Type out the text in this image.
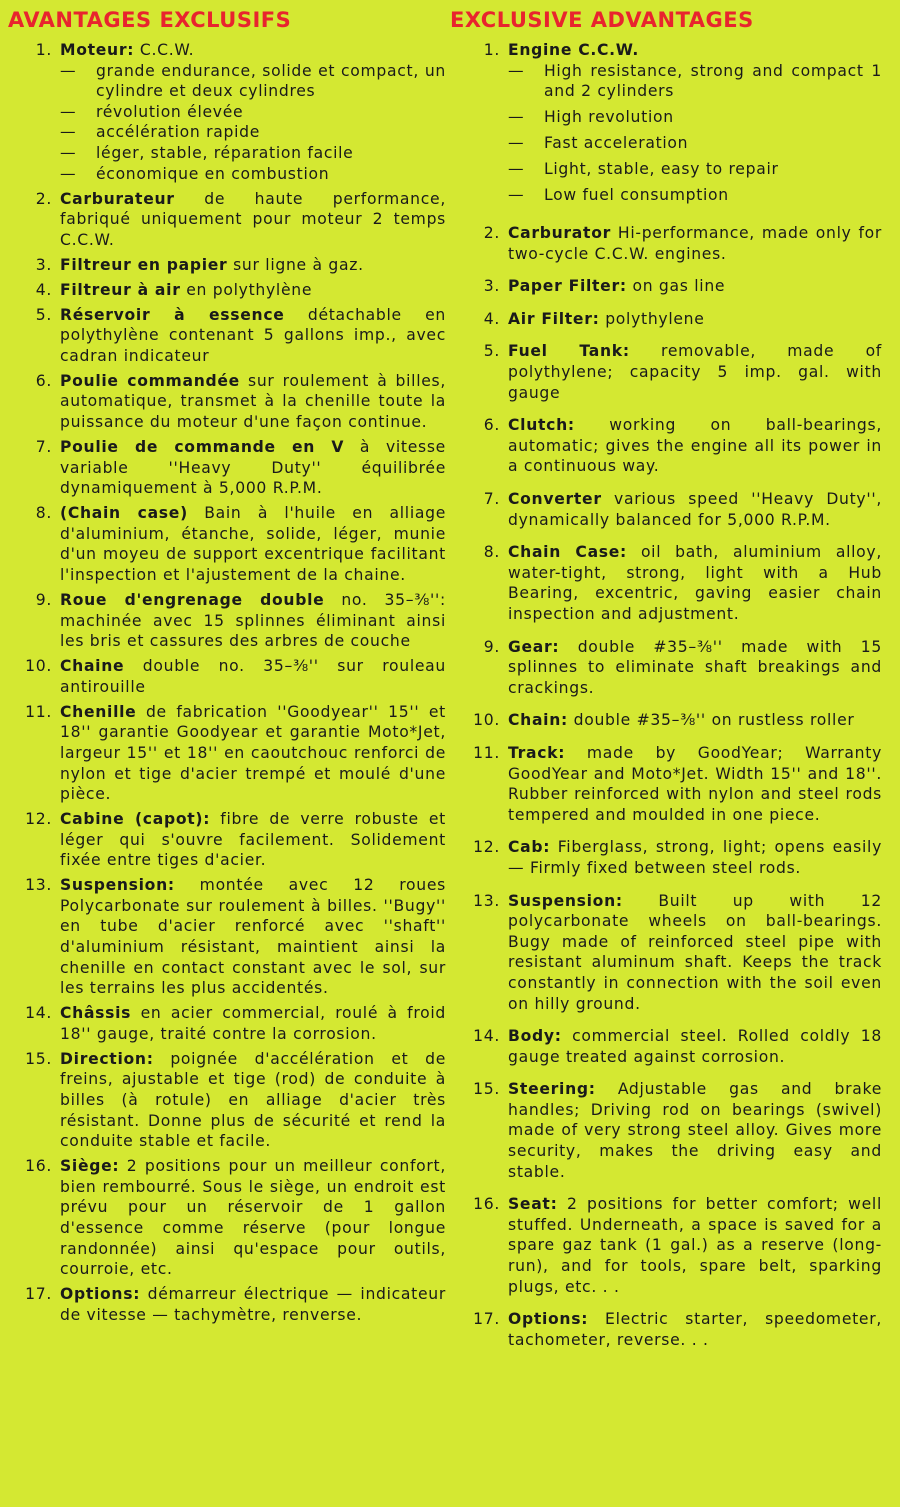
AVANTAGES EXCLUSIFS
1. Moteur: C.C.W.
—	grande endurance, solide et compact, un cylindre et deux cylindres
—	révolution élevée
—	accélération rapide
—	léger, stable, réparation facile
—	économique en combustion
2. Carburateur de haute performance, fabriqué uniquement pour moteur 2 temps C.C.W.
3. Filtreur en papier sur ligne à gaz.
4. Filtreur à air en polythylène
5. Réservoir à essence détachable en polythylène contenant 5 gallons imp., avec cadran indicateur
6. Poulie commandée sur roulement à billes, automatique, transmet à la chenille toute la puissance du moteur d'une façon continue.
7. Poulie de commande en V à vitesse variable ''Heavy Duty'' équilibrée dynamiquement à 5,000 R.P.M.
8. (Chain case) Bain à l'huile en alliage d'aluminium, étanche, solide, léger, munie d'un moyeu de support excentrique facilitant l'inspection et l'ajustement de la chaine.
9. Roue d'engrenage double no. 35–⅜'': machinée avec 15 splinnes éliminant ainsi les bris et cassures des arbres de couche
10. Chaine double no. 35–⅜'' sur rouleau antirouille
11. Chenille de fabrication ''Goodyear'' 15'' et 18'' garantie Goodyear et garantie Moto*Jet, largeur 15'' et 18'' en caoutchouc renforci de nylon et tige d'acier trempé et moulé d'une pièce.
12. Cabine (capot): fibre de verre robuste et léger qui s'ouvre facilement. Solidement fixée entre tiges d'acier.
13. Suspension: montée avec 12 roues Polycarbonate sur roulement à billes. ''Bugy'' en tube d'acier renforcé avec ''shaft'' d'aluminium résistant, maintient ainsi la chenille en contact constant avec le sol, sur les terrains les plus accidentés.
14. Châssis en acier commercial, roulé à froid 18'' gauge, traité contre la corrosion.
15. Direction: poignée d'accélération et de freins, ajustable et tige (rod) de conduite à billes (à rotule) en alliage d'acier très résistant. Donne plus de sécurité et rend la conduite stable et facile.
16. Siège: 2 positions pour un meilleur confort, bien rembourré. Sous le siège, un endroit est prévu pour un réservoir de 1 gallon d'essence comme réserve (pour longue randonnée) ainsi qu'espace pour outils, courroie, etc.
17. Options: démarreur électrique — indicateur de vitesse — tachymètre, renverse.
EXCLUSIVE ADVANTAGES
1. Engine C.C.W.
—	High resistance, strong and compact 1 and 2 cylinders
—	High revolution
—	Fast acceleration
—	Light, stable, easy to repair
—	Low fuel consumption
2. Carburator Hi-performance, made only for two-cycle C.C.W. engines.
3. Paper Filter: on gas line
4. Air Filter: polythylene
5. Fuel Tank: removable, made of polythylene; capacity 5 imp. gal. with gauge
6. Clutch: working on ball-bearings, automatic; gives the engine all its power in a continuous way.
7. Converter various speed ''Heavy Duty'', dynamically balanced for 5,000 R.P.M.
8. Chain Case: oil bath, aluminium alloy, water-tight, strong, light with a Hub Bearing, excentric, gaving easier chain inspection and adjustment.
9. Gear: double #35–⅜'' made with 15 splinnes to eliminate shaft breakings and crackings.
10. Chain: double #35–⅜'' on rustless roller
11. Track: made by GoodYear; Warranty GoodYear and Moto*Jet. Width 15'' and 18''. Rubber reinforced with nylon and steel rods tempered and moulded in one piece.
12. Cab: Fiberglass, strong, light; opens easily — Firmly fixed between steel rods.
13. Suspension: Built up with 12 polycarbonate wheels on ball-bearings. Bugy made of reinforced steel pipe with resistant aluminum shaft. Keeps the track constantly in connection with the soil even on hilly ground.
14. Body: commercial steel. Rolled coldly 18 gauge treated against corrosion.
15. Steering: Adjustable gas and brake handles; Driving rod on bearings (swivel) made of very strong steel alloy. Gives more security, makes the driving easy and stable.
16. Seat: 2 positions for better comfort; well stuffed. Underneath, a space is saved for a spare gaz tank (1 gal.) as a reserve (long-run), and for tools, spare belt, sparking plugs, etc. . .
17. Options: Electric starter, speedometer, tachometer, reverse. . .
